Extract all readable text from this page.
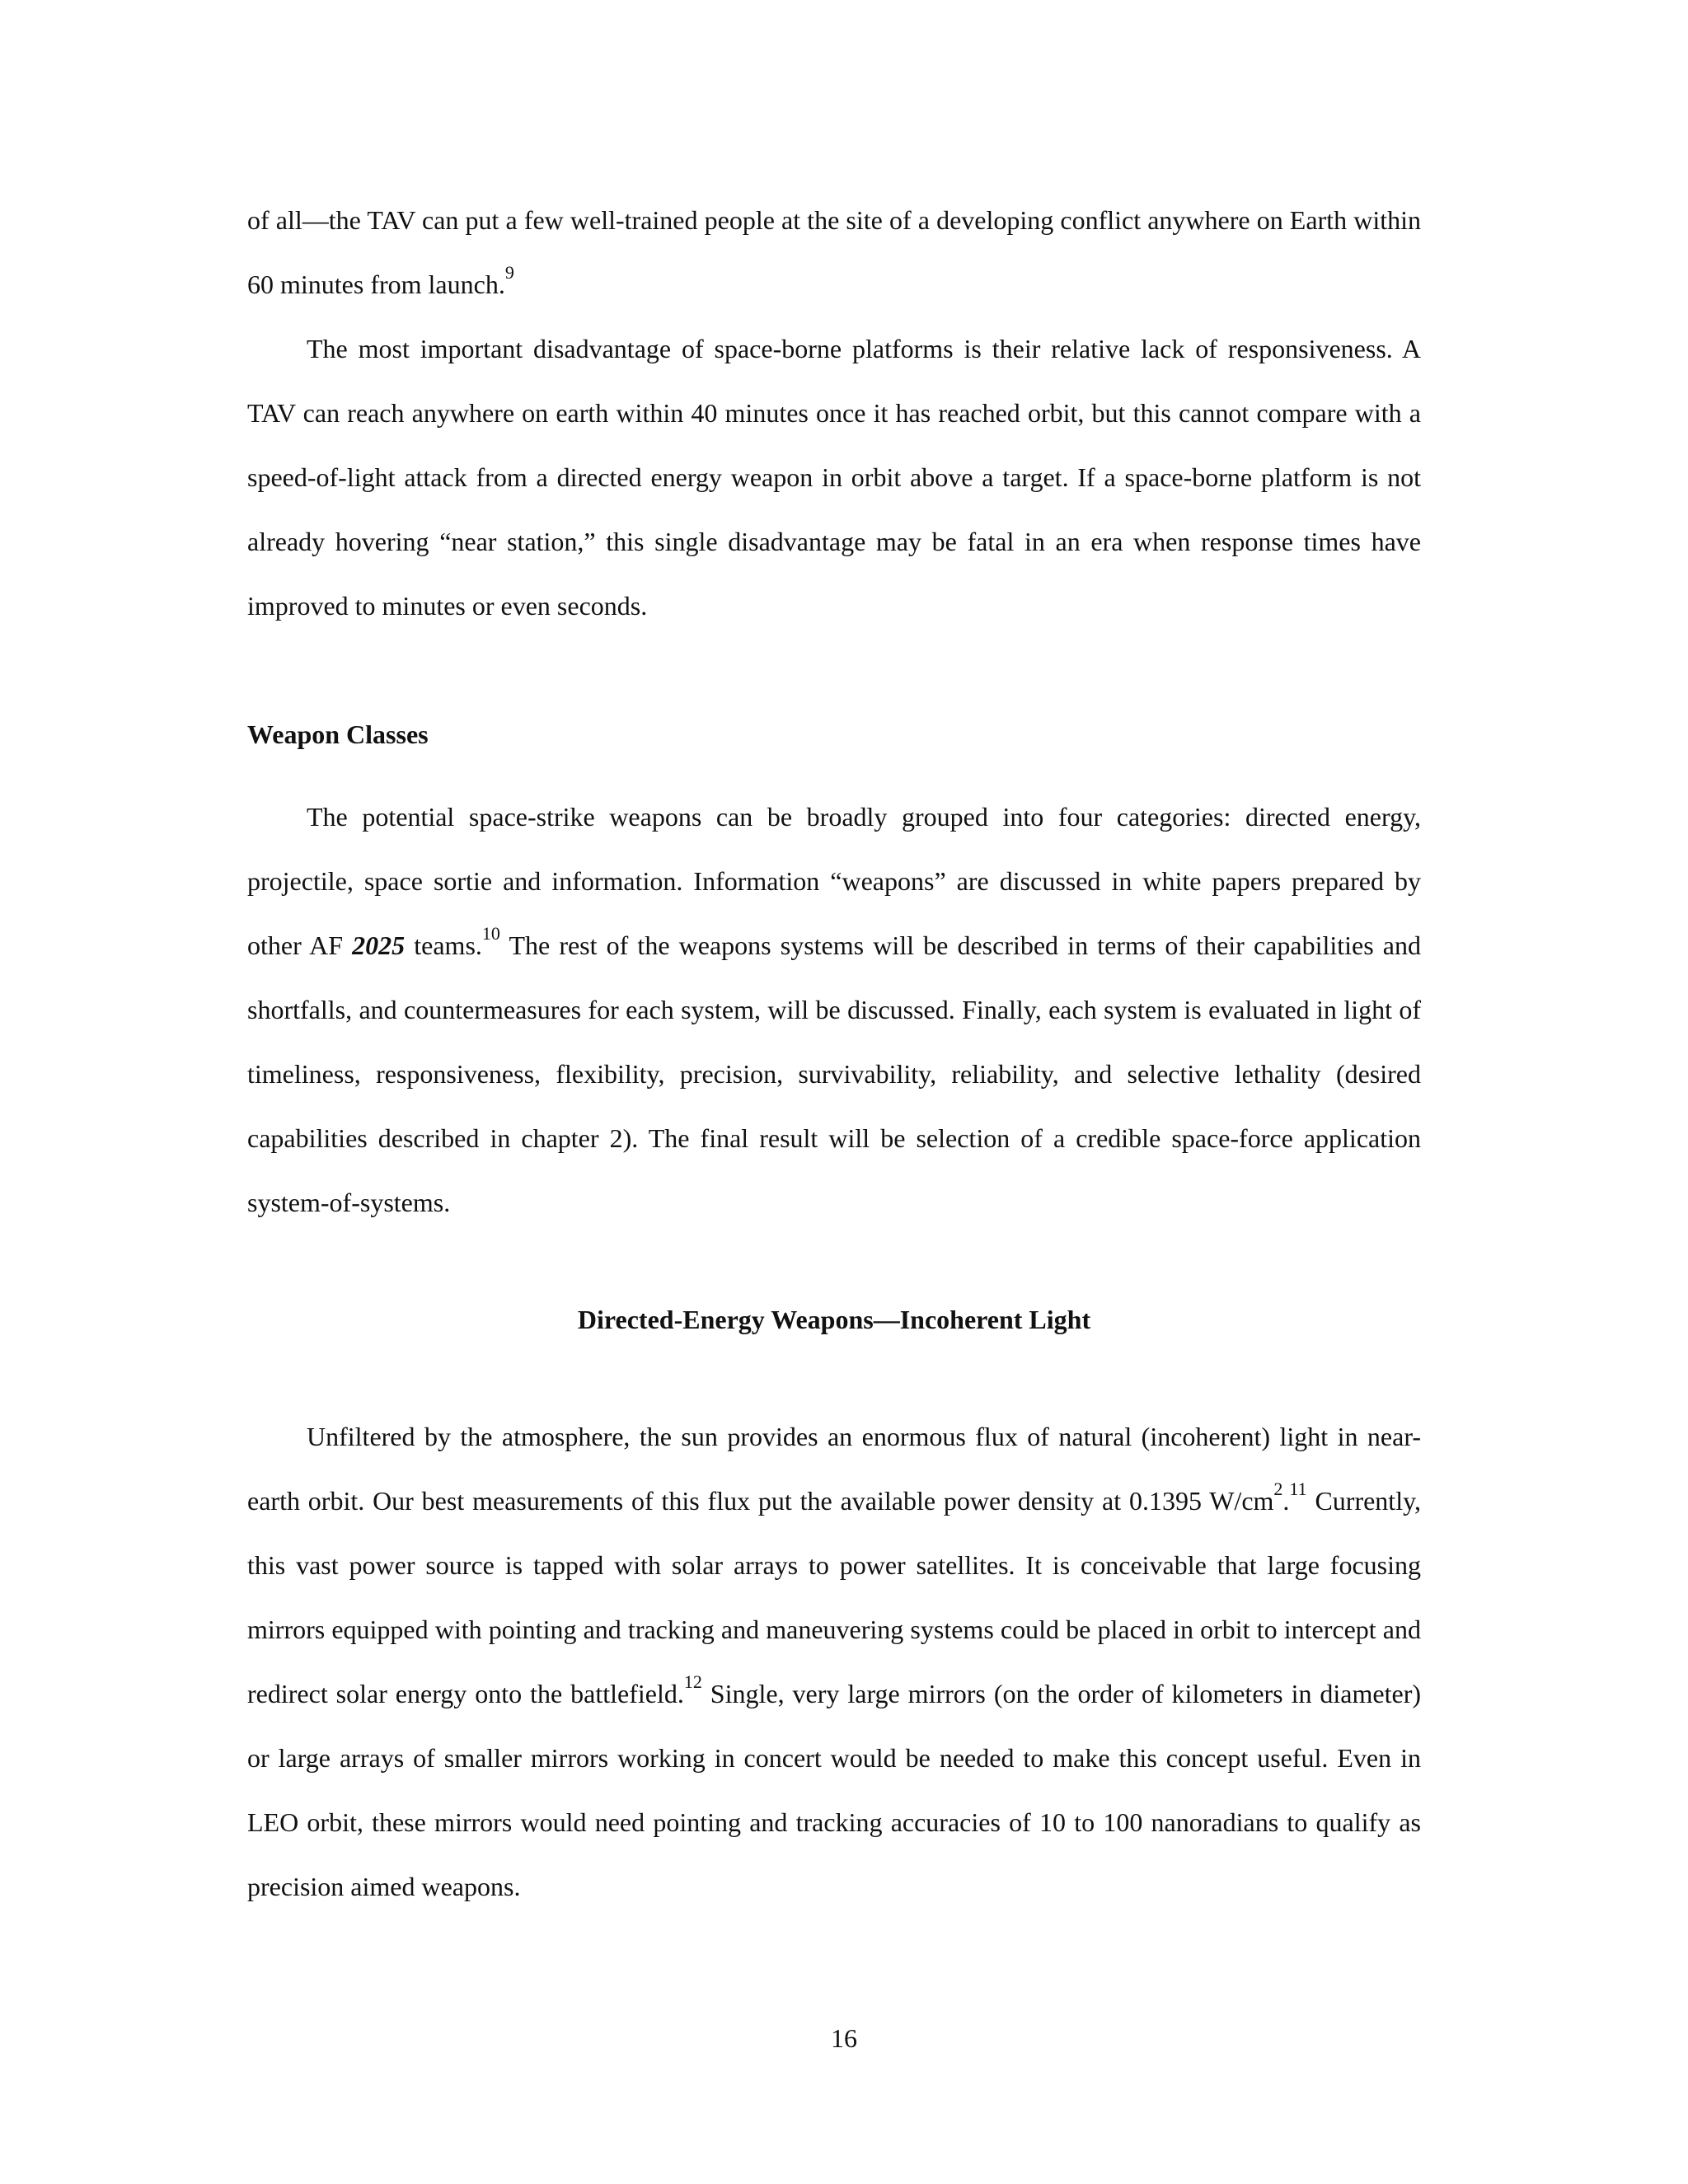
of all—the TAV can put a few well-trained people at the site of a developing conflict anywhere on Earth within 60 minutes from launch.$^9$

The most important disadvantage of space-borne platforms is their relative lack of responsiveness. A TAV can reach anywhere on earth within 40 minutes once it has reached orbit, but this cannot compare with a speed-of-light attack from a directed energy weapon in orbit above a target. If a space-borne platform is not already hovering “near station,” this single disadvantage may be fatal in an era when response times have improved to minutes or even seconds.

Weapon Classes

The potential space-strike weapons can be broadly grouped into four categories: directed energy, projectile, space sortie and information. Information “weapons” are discussed in white papers prepared by other AF 2025 teams.$^{10}$ The rest of the weapons systems will be described in terms of their capabilities and shortfalls, and countermeasures for each system, will be discussed. Finally, each system is evaluated in light of timeliness, responsiveness, flexibility, precision, survivability, reliability, and selective lethality (desired capabilities described in chapter 2). The final result will be selection of a credible space-force application system-of-systems.

Directed-Energy Weapons—Incoherent Light

Unfiltered by the atmosphere, the sun provides an enormous flux of natural (incoherent) light in near-earth orbit. Our best measurements of this flux put the available power density at 0.1395 $W/cm^2.^{11}$ Currently, this vast power source is tapped with solar arrays to power satellites. It is conceivable that large focusing mirrors equipped with pointing and tracking and maneuvering systems could be placed in orbit to intercept and redirect solar energy onto the battlefield.$^{12}$ Single, very large mirrors (on the order of kilometers in diameter) or large arrays of smaller mirrors working in concert would be needed to make this concept useful. Even in LEO orbit, these mirrors would need pointing and tracking accuracies of 10 to 100 nanoradians to qualify as precision aimed weapons.

16
